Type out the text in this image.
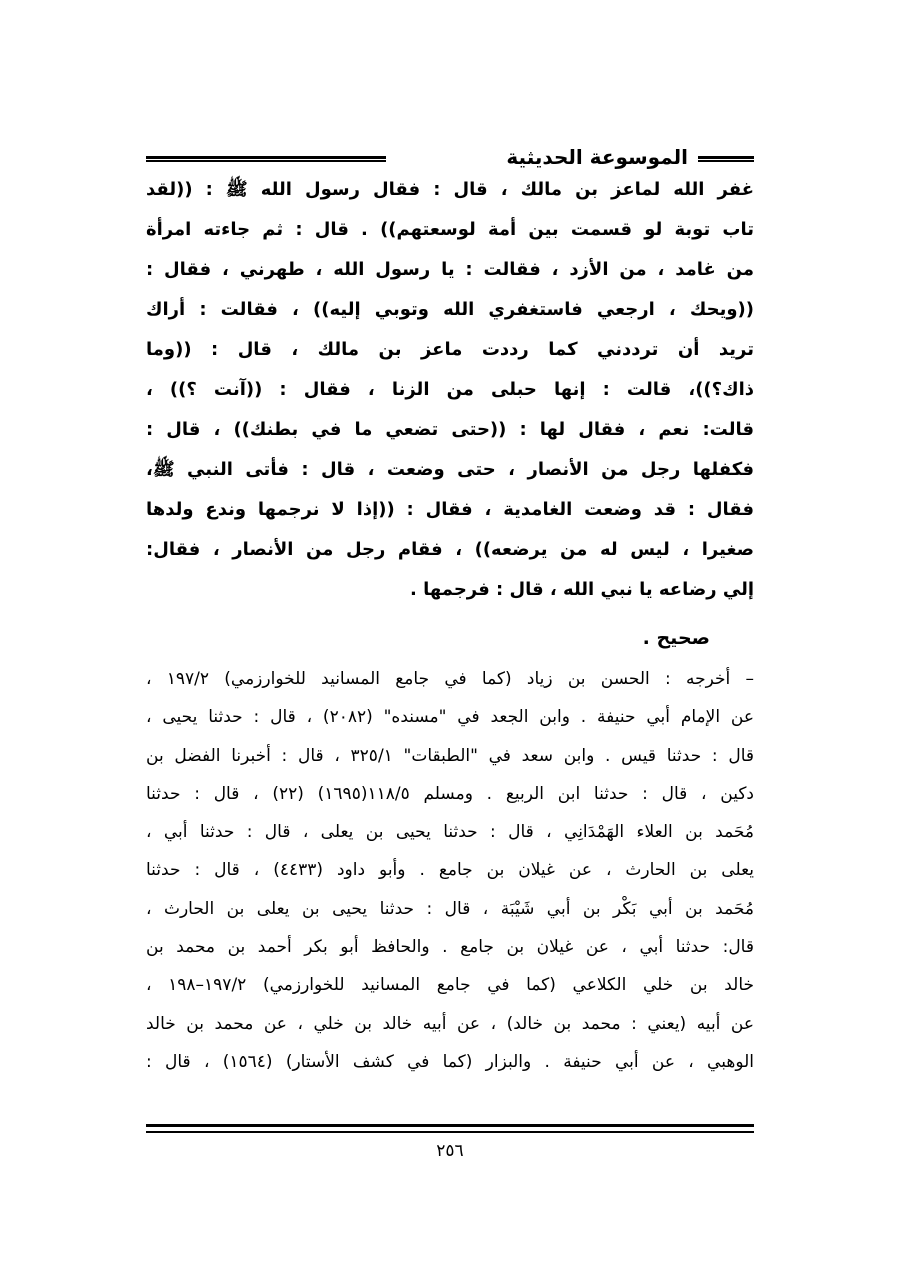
الموسوعة الحديثية
غفر الله لماعز بن مالك ، قال : فقال رسول الله ﷺ : ((لقد
تاب توبة لو قسمت بين أمة لوسعتهم)) . قال : ثم جاءته امرأة
من غامد ، من الأزد ، فقالت : يا رسول الله ، طهرني ، فقال :
((ويحك ، ارجعي فاستغفري الله وتوبي إليه)) ، فقالت : أراك
تريد أن ترددني كما رددت ماعز بن مالك ، قال : ((وما
ذاك؟))، قالت : إنها حبلى من الزنا ، فقال : ((آنت ؟)) ،
قالت: نعم ، فقال لها : ((حتى تضعي ما في بطنك)) ، قال :
فكفلها رجل من الأنصار ، حتى وضعت ، قال : فأتى النبي ﷺ،
فقال : قد وضعت الغامدية ، فقال : ((إذا لا نرجمها وندع ولدها
صغيرا ، ليس له من يرضعه)) ، فقام رجل من الأنصار ، فقال:
إلي رضاعه يا نبي الله ، قال : فرجمها .
صحيح .
– أخرجه : الحسن بن زياد (كما في جامع المسانيد للخوارزمي) ١٩٧/٢ ،
عن الإمام أبي حنيفة . وابن الجعد في "مسنده" (٢٠٨٢) ، قال : حدثنا يحيى ،
قال : حدثنا قيس . وابن سعد في "الطبقات" ٣٢٥/١ ، قال : أخبرنا الفضل بن
دكين ، قال : حدثنا ابن الربيع . ومسلم ١١٨/٥(١٦٩٥) (٢٢) ، قال : حدثنا
مُحَمد بن العلاء الهَمْدَانِي ، قال : حدثنا يحيى بن يعلى ، قال : حدثنا أبي ،
يعلى بن الحارث ، عن غيلان بن جامع . وأبو داود (٤٤٣٣) ، قال : حدثنا
مُحَمد بن أبي بَكْر بن أبي شَيْبَة ، قال : حدثنا يحيى بن يعلى بن الحارث ،
قال: حدثنا أبي ، عن غيلان بن جامع . والحافظ أبو بكر أحمد بن محمد بن
خالد بن خلي الكلاعي (كما في جامع المسانيد للخوارزمي) ١٩٧/٢–١٩٨ ،
عن أبيه (يعني : محمد بن خالد) ، عن أبيه خالد بن خلي ، عن محمد بن خالد
الوهبي ، عن أبي حنيفة . والبزار (كما في كشف الأستار) (١٥٦٤) ، قال :
٢٥٦
